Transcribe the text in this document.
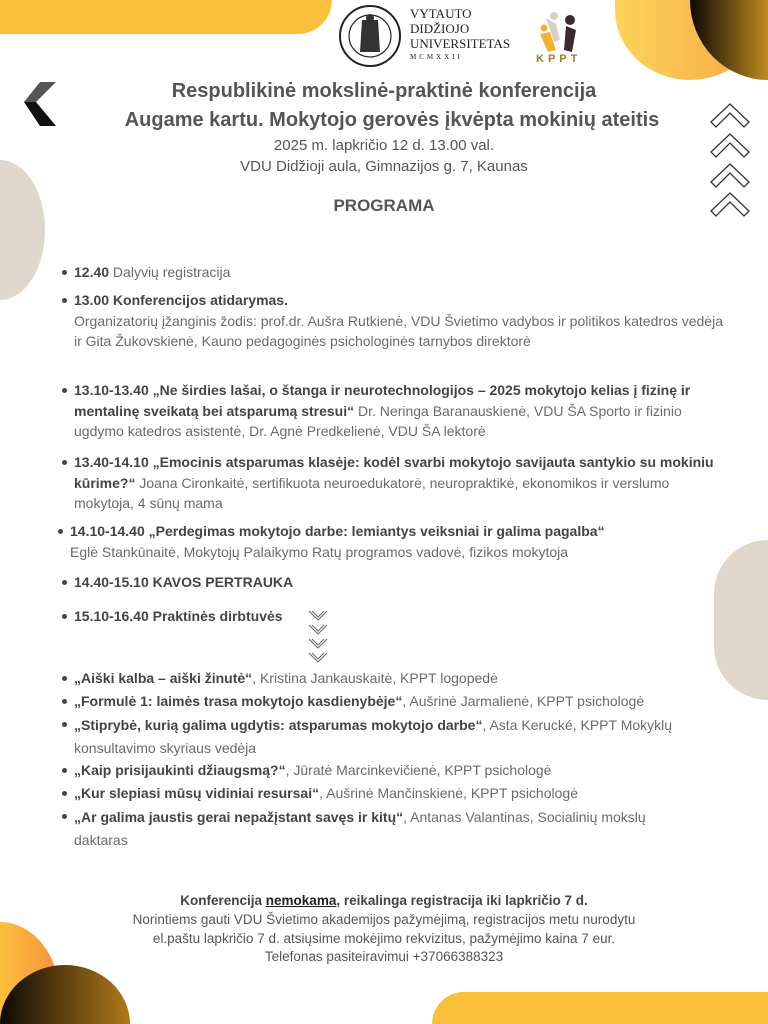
VYTAUTO
DIDŽIOJO
UNIVERSITETAS
MCMXXII	KPPT
Respublikinė mokslinė-praktinė konferencija
Augame kartu. Mokytojo gerovės įkvėpta mokinių ateitis
2025 m. lapkričio 12 d. 13.00 val.
VDU Didžioji aula, Gimnazijos g. 7, Kaunas
PROGRAMA
12.40 Dalyvių registracija
13.00 Konferencijos atidarymas.
Organizatorių įžanginis žodis: prof.dr. Aušra Rutkienė, VDU Švietimo vadybos ir politikos katedros vedėja ir Gita Žukovskienė, Kauno pedagoginės psichologinės tarnybos direktorė
13.10-13.40 „Ne širdies lašai, o štanga ir neurotechnologijos – 2025 mokytojo kelias į fizinę ir mentalinę sveikatą bei atsparumą stresui“ Dr. Neringa Baranauskienė, VDU ŠA Sporto ir fizinio ugdymo katedros asistentė, Dr. Agnė Predkelienė, VDU ŠA lektorė
13.40-14.10 „Emocinis atsparumas klasėje: kodėl svarbi mokytojo savijauta santykio su mokiniu kūrime?“ Joana Cironkaitė, sertifikuota neuroedukatorė, neuropraktikė, ekonomikos ir verslumo mokytoja, 4 sūnų mama
14.10-14.40 „Perdegimas mokytojo darbe: lemiantys veiksniai ir galima pagalba“
Eglė Stankūnaitė, Mokytojų Palaikymo Ratų programos vadovė, fizikos mokytoja
14.40-15.10 KAVOS PERTRAUKA
15.10-16.40 Praktinės dirbtuvės
„Aiški kalba – aiški žinutė“, Kristina Jankauskaitė, KPPT logopedė
„Formulė 1: laimės trasa mokytojo kasdienybėje“, Aušrinė Jarmalienė, KPPT psichologė
„Stiprybė, kurią galima ugdytis: atsparumas mokytojo darbe“, Asta Kerucké, KPPT Mokyklų konsultavimo skyriaus vedėja
„Kaip prisijaukinti džiaugsmą?“, Jūratė Marcinkevičienė, KPPT psichologė
„Kur slepiasi mūsų vidiniai resursai“, Aušrinė Mančinskienė, KPPT psichologė
„Ar galima jaustis gerai nepažįstant savęs ir kitų“, Antanas Valantinas, Socialinių mokslų daktaras
Konferencija nemokama, reikalinga registracija iki lapkričio 7 d.
Norintiems gauti VDU Švietimo akademijos pažymėjimą, registracijos metu nurodytu
el.paštu lapkričio 7 d. atsiųsime mokėjimo rekvizitus, pažymėjimo kaina 7 eur.
Telefonas pasiteiravimui +37066388323
